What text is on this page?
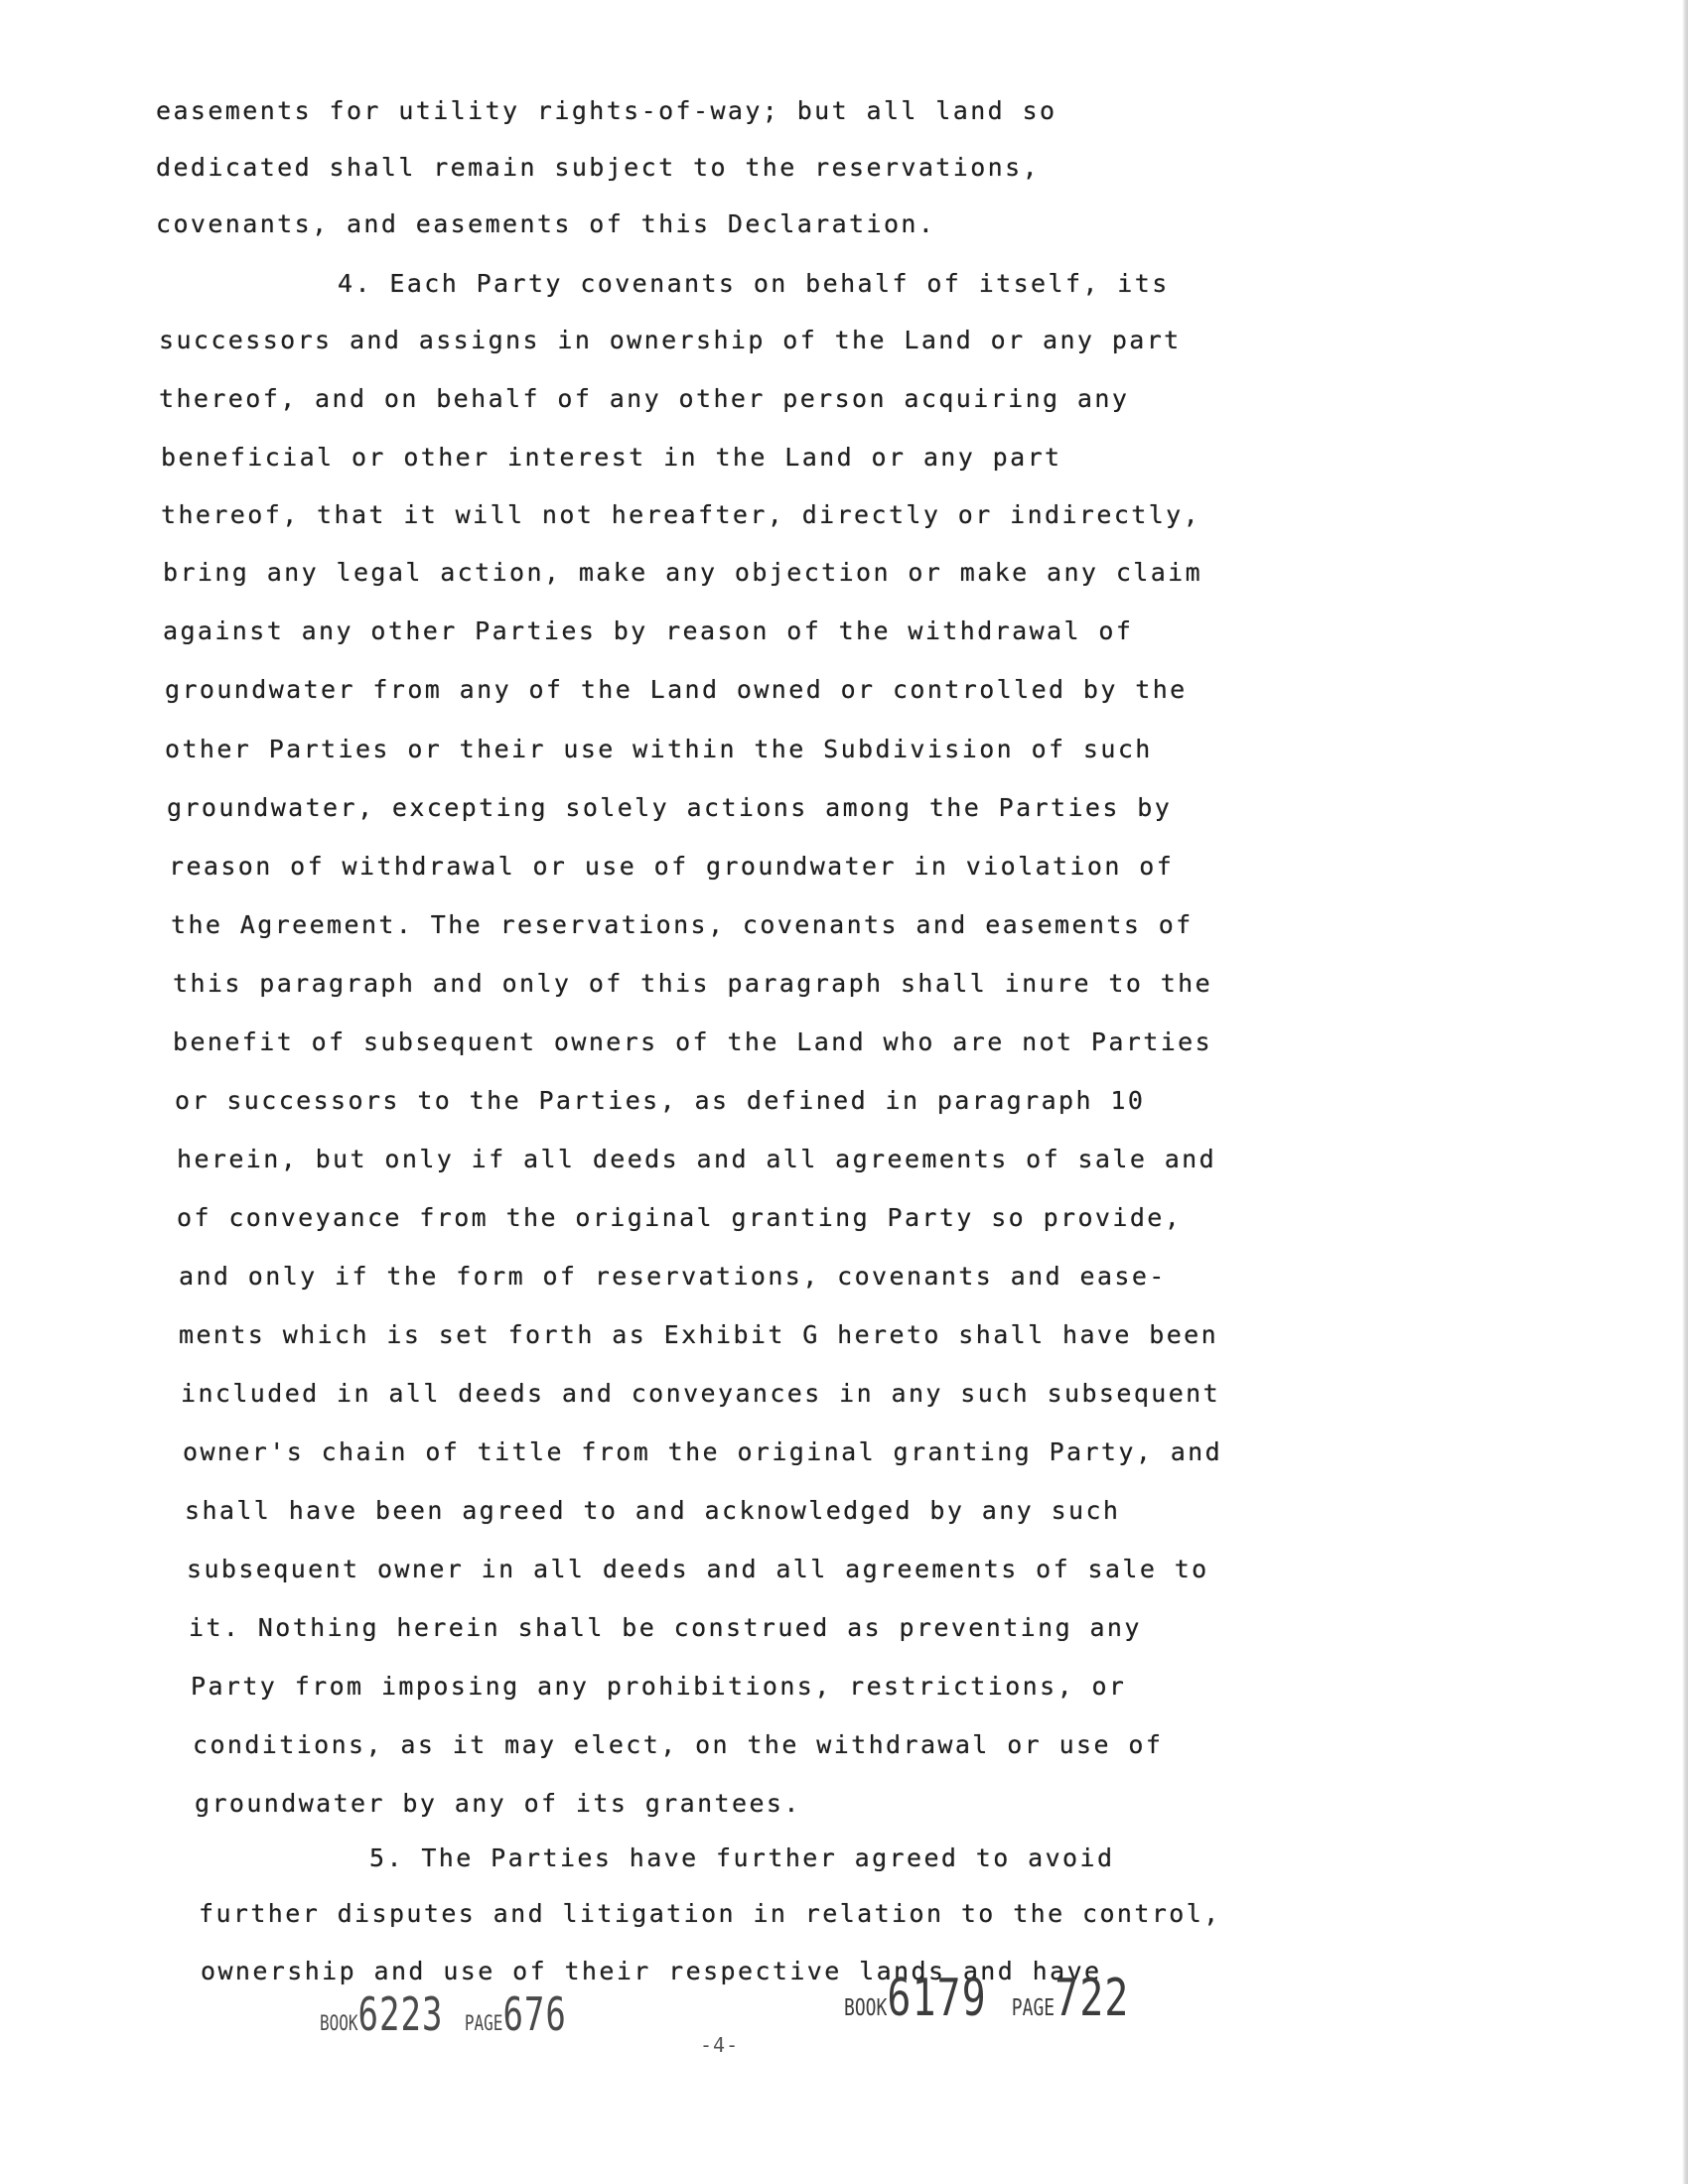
easements for utility rights-of-way; but all land so
dedicated shall remain subject to the reservations,
covenants, and easements of this Declaration.
4. Each Party covenants on behalf of itself, its
successors and assigns in ownership of the Land or any part
thereof, and on behalf of any other person acquiring any
beneficial or other interest in the Land or any part
thereof, that it will not hereafter, directly or indirectly,
bring any legal action, make any objection or make any claim
against any other Parties by reason of the withdrawal of
groundwater from any of the Land owned or controlled by the
other Parties or their use within the Subdivision of such
groundwater, excepting solely actions among the Parties by
reason of withdrawal or use of groundwater in violation of
the Agreement. The reservations, covenants and easements of
this paragraph and only of this paragraph shall inure to the
benefit of subsequent owners of the Land who are not Parties
or successors to the Parties, as defined in paragraph 10
herein, but only if all deeds and all agreements of sale and
of conveyance from the original granting Party so provide,
and only if the form of reservations, covenants and ease-
ments which is set forth as Exhibit G hereto shall have been
included in all deeds and conveyances in any such subsequent
owner's chain of title from the original granting Party, and
shall have been agreed to and acknowledged by any such
subsequent owner in all deeds and all agreements of sale to
it. Nothing herein shall be construed as preventing any
Party from imposing any prohibitions, restrictions, or
conditions, as it may elect, on the withdrawal or use of
groundwater by any of its grantees.
5. The Parties have further agreed to avoid
further disputes and litigation in relation to the control,
ownership and use of their respective lands and have
BOOK6223 PAGE676
-4-
BOOK6179 PAGE722
